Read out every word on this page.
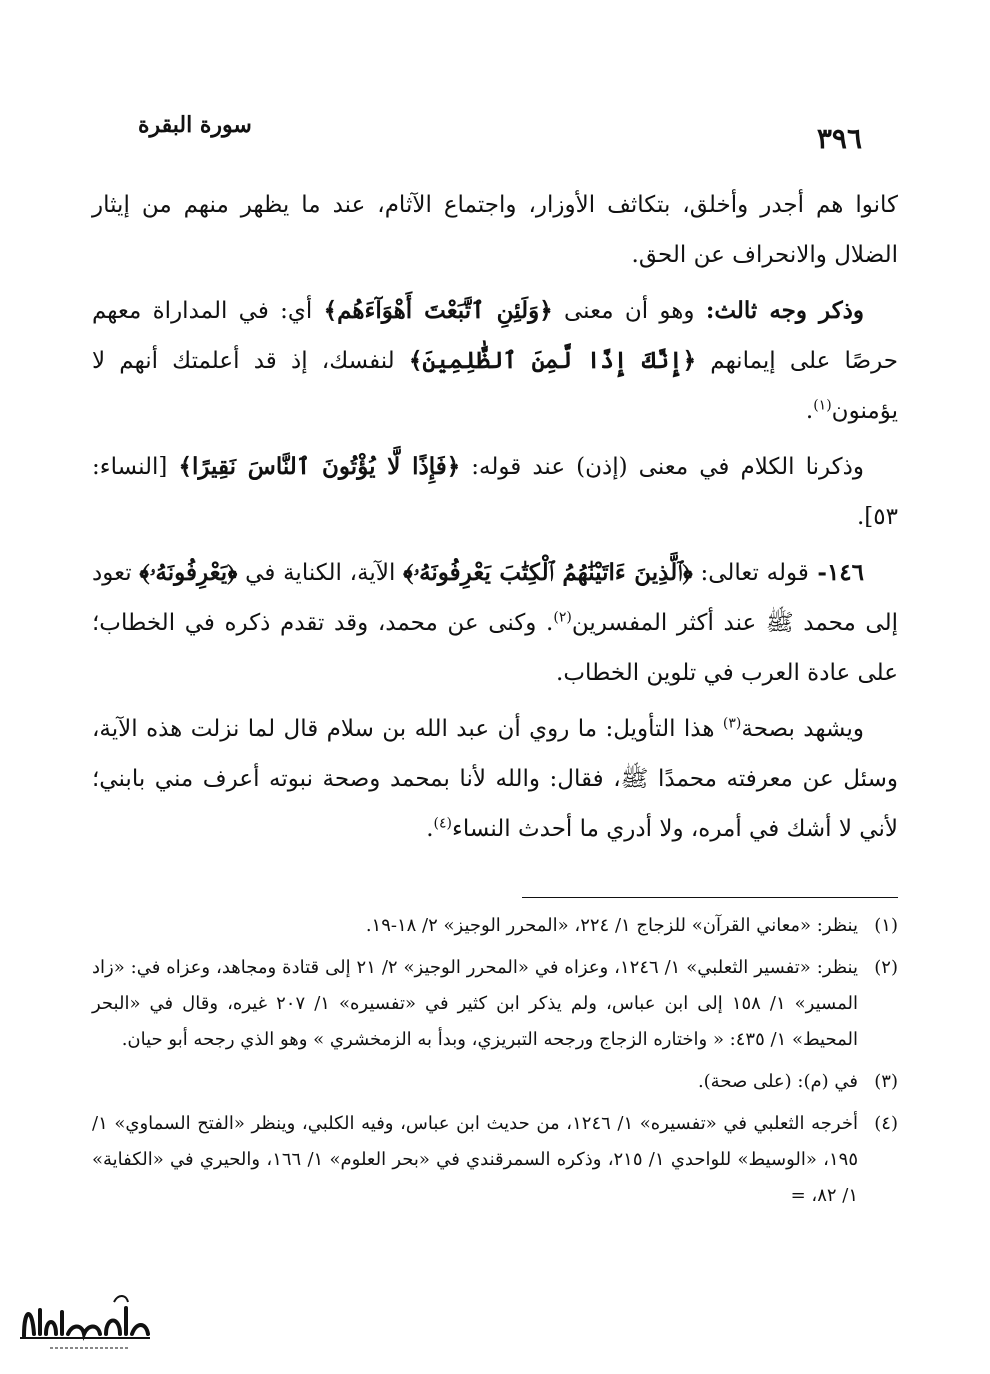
سورة البقرة	٣٩٦

كانوا هم أجدر وأخلق، بتكاثف الأوزار، واجتماع الآثام، عند ما يظهر منهم من إيثار الضلال والانحراف عن الحق.

وذكر وجه ثالث: وهو أن معنى ﴿وَلَئِنِ ٱتَّبَعْتَ أَهْوَآءَهُم﴾ أي: في المداراة معهم حرصًا على إيمانهم ﴿إِنَّكَ إِذًا لَّمِنَ ٱلظَّٰلِمِينَ﴾ لنفسك، إذ قد أعلمتك أنهم لا يؤمنون$^{(١)}$.

وذكرنا الكلام في معنى (إذن) عند قوله: ﴿فَإِذًا لَّا يُؤْتُونَ ٱلنَّاسَ نَقِيرًا﴾ [النساء: ٥٣].

١٤٦- قوله تعالى: ﴿ٱلَّذِينَ ءَاتَيْنَٰهُمُ ٱلْكِتَٰبَ يَعْرِفُونَهُۥ﴾ الآية، الكناية في ﴿يَعْرِفُونَهُۥ﴾ تعود إلى محمد ﷺ عند أكثر المفسرين$^{(٢)}$. وكنى عن محمد، وقد تقدم ذكره في الخطاب؛ على عادة العرب في تلوين الخطاب.

ويشهد بصحة$^{(٣)}$ هذا التأويل: ما روي أن عبد الله بن سلام قال لما نزلت هذه الآية، وسئل عن معرفته محمدًا ﷺ، فقال: والله لأنا بمحمد وصحة نبوته أعرف مني بابني؛ لأني لا أشك في أمره، ولا أدري ما أحدث النساء$^{(٤)}$.

(١)
ينظر: «معاني القرآن» للزجاج ١/ ٢٢٤، «المحرر الوجيز» ٢/ ١٨-١٩.
(٢)
ينظر: «تفسير الثعلبي» ١/ ١٢٤٦، وعزاه في «المحرر الوجيز» ٢/ ٢١ إلى قتادة ومجاهد، وعزاه في: «زاد المسير» ١/ ١٥٨ إلى ابن عباس، ولم يذكر ابن كثير في «تفسيره» ١/ ٢٠٧ غيره، وقال في «البحر المحيط» ١/ ٤٣٥: « واختاره الزجاج ورجحه التبريزي، وبدأ به الزمخشري » وهو الذي رجحه أبو حيان.
(٣)
في (م): (على صحة).
(٤)
أخرجه الثعلبي في «تفسيره» ١/ ١٢٤٦، من حديث ابن عباس، وفيه الكلبي، وينظر «الفتح السماوي» ١/ ١٩٥، «الوسيط» للواحدي ١/ ٢١٥، وذكره السمرقندي في «بحر العلوم» ١/ ١٦٦، والحيري في «الكفاية» ١/ ٨٢، =
